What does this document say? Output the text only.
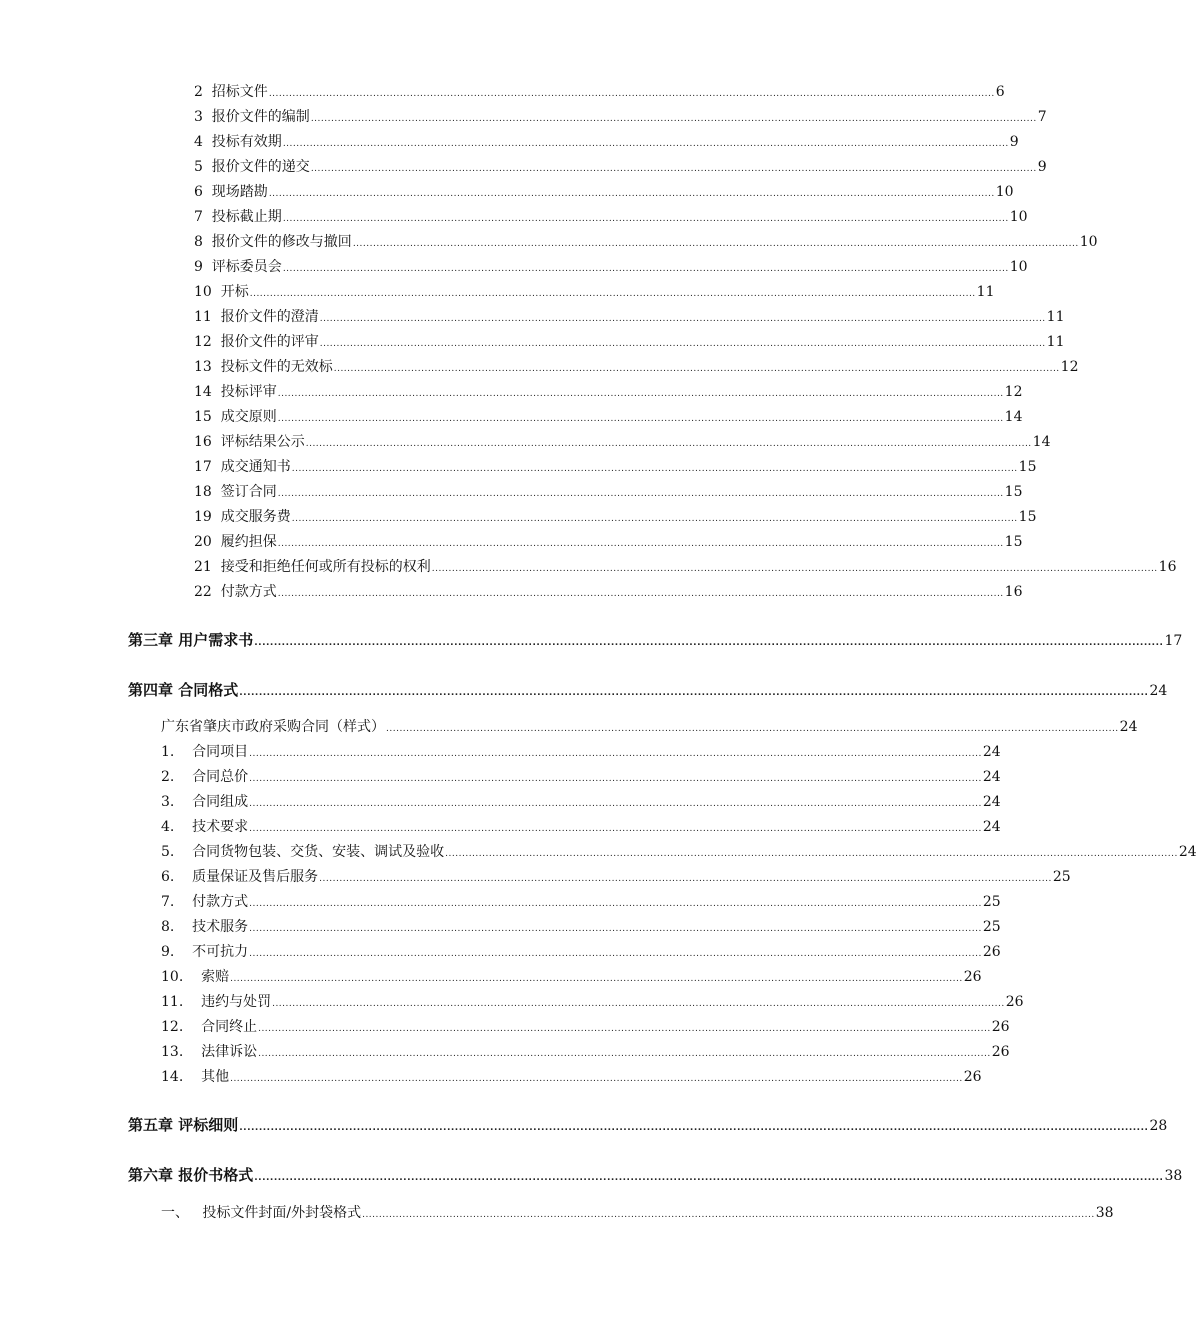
2  招标文件 ........................................................................................................................................................................................................................ 6
3  报价文件的编制 ........................................................................................................................................................................................................................ 7
4  投标有效期 ........................................................................................................................................................................................................................ 9
5  报价文件的递交 ........................................................................................................................................................................................................................ 9
6  现场踏勘 ........................................................................................................................................................................................................................ 10
7  投标截止期 ........................................................................................................................................................................................................................ 10
8  报价文件的修改与撤回 ........................................................................................................................................................................................................................ 10
9  评标委员会 ........................................................................................................................................................................................................................ 10
10  开标 ........................................................................................................................................................................................................................ 11
11  报价文件的澄清 ........................................................................................................................................................................................................................ 11
12  报价文件的评审 ........................................................................................................................................................................................................................ 11
13  投标文件的无效标 ........................................................................................................................................................................................................................ 12
14  投标评审 ........................................................................................................................................................................................................................ 12
15  成交原则 ........................................................................................................................................................................................................................ 14
16  评标结果公示 ........................................................................................................................................................................................................................ 14
17  成交通知书 ........................................................................................................................................................................................................................ 15
18  签订合同 ........................................................................................................................................................................................................................ 15
19  成交服务费 ........................................................................................................................................................................................................................ 15
20  履约担保 ........................................................................................................................................................................................................................ 15
21  接受和拒绝任何或所有投标的权利 ........................................................................................................................................................................................................................ 16
22  付款方式 ........................................................................................................................................................................................................................ 16
第三章 用户需求书 ........................................................................................................................................................................................................................................ 17
第四章 合同格式 ........................................................................................................................................................................................................................................ 24
广东省肇庆市政府采购合同（样式） .......................................................................................................................................................................................................................... 24
1.    合同项目 .......................................................................................................................................................................................................................... 24
2.    合同总价 .......................................................................................................................................................................................................................... 24
3.    合同组成 .......................................................................................................................................................................................................................... 24
4.    技术要求 .......................................................................................................................................................................................................................... 24
5.    合同货物包装、交货、安装、调试及验收 .......................................................................................................................................................................................................................... 24
6.    质量保证及售后服务 .......................................................................................................................................................................................................................... 25
7.    付款方式 .......................................................................................................................................................................................................................... 25
8.    技术服务 .......................................................................................................................................................................................................................... 25
9.    不可抗力 .......................................................................................................................................................................................................................... 26
10.    索赔 .......................................................................................................................................................................................................................... 26
11.    违约与处罚 .......................................................................................................................................................................................................................... 26
12.    合同终止 .......................................................................................................................................................................................................................... 26
13.    法律诉讼 .......................................................................................................................................................................................................................... 26
14.    其他 .......................................................................................................................................................................................................................... 26
第五章 评标细则 ........................................................................................................................................................................................................................................ 28
第六章 报价书格式 ........................................................................................................................................................................................................................................ 38
一、   投标文件封面/外封袋格式 .......................................................................................................................................................................................................................... 38
